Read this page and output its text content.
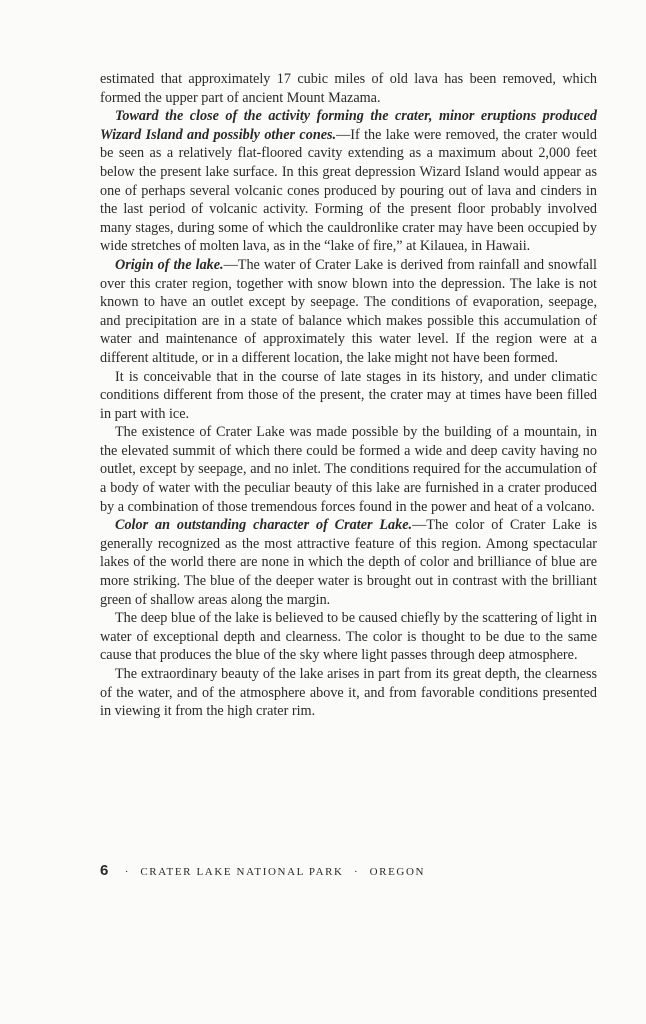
estimated that approximately 17 cubic miles of old lava has been removed, which formed the upper part of ancient Mount Mazama.

Toward the close of the activity forming the crater, minor eruptions produced Wizard Island and possibly other cones.—If the lake were removed, the crater would be seen as a relatively flat-floored cavity extending as a maximum about 2,000 feet below the present lake surface. In this great depression Wizard Island would appear as one of perhaps several volcanic cones produced by pouring out of lava and cinders in the last period of volcanic activity. Forming of the present floor probably involved many stages, during some of which the cauldronlike crater may have been occupied by wide stretches of molten lava, as in the “lake of fire,” at Kilauea, in Hawaii.

Origin of the lake.—The water of Crater Lake is derived from rainfall and snowfall over this crater region, together with snow blown into the depression. The lake is not known to have an outlet except by seepage. The conditions of evaporation, seepage, and precipitation are in a state of balance which makes possible this accumulation of water and maintenance of approximately this water level. If the region were at a different altitude, or in a different location, the lake might not have been formed.

It is conceivable that in the course of late stages in its history, and under climatic conditions different from those of the present, the crater may at times have been filled in part with ice.

The existence of Crater Lake was made possible by the building of a mountain, in the elevated summit of which there could be formed a wide and deep cavity having no outlet, except by seepage, and no inlet. The conditions required for the accumulation of a body of water with the peculiar beauty of this lake are furnished in a crater produced by a combination of those tremendous forces found in the power and heat of a volcano.

Color an outstanding character of Crater Lake.—The color of Crater Lake is generally recognized as the most attractive feature of this region. Among spectacular lakes of the world there are none in which the depth of color and brilliance of blue are more striking. The blue of the deeper water is brought out in contrast with the brilliant green of shallow areas along the margin.

The deep blue of the lake is believed to be caused chiefly by the scattering of light in water of exceptional depth and clearness. The color is thought to be due to the same cause that produces the blue of the sky where light passes through deep atmosphere.

The extraordinary beauty of the lake arises in part from its great depth, the clearness of the water, and of the atmosphere above it, and from favorable conditions presented in viewing it from the high crater rim.

6 · CRATER LAKE NATIONAL PARK · OREGON
